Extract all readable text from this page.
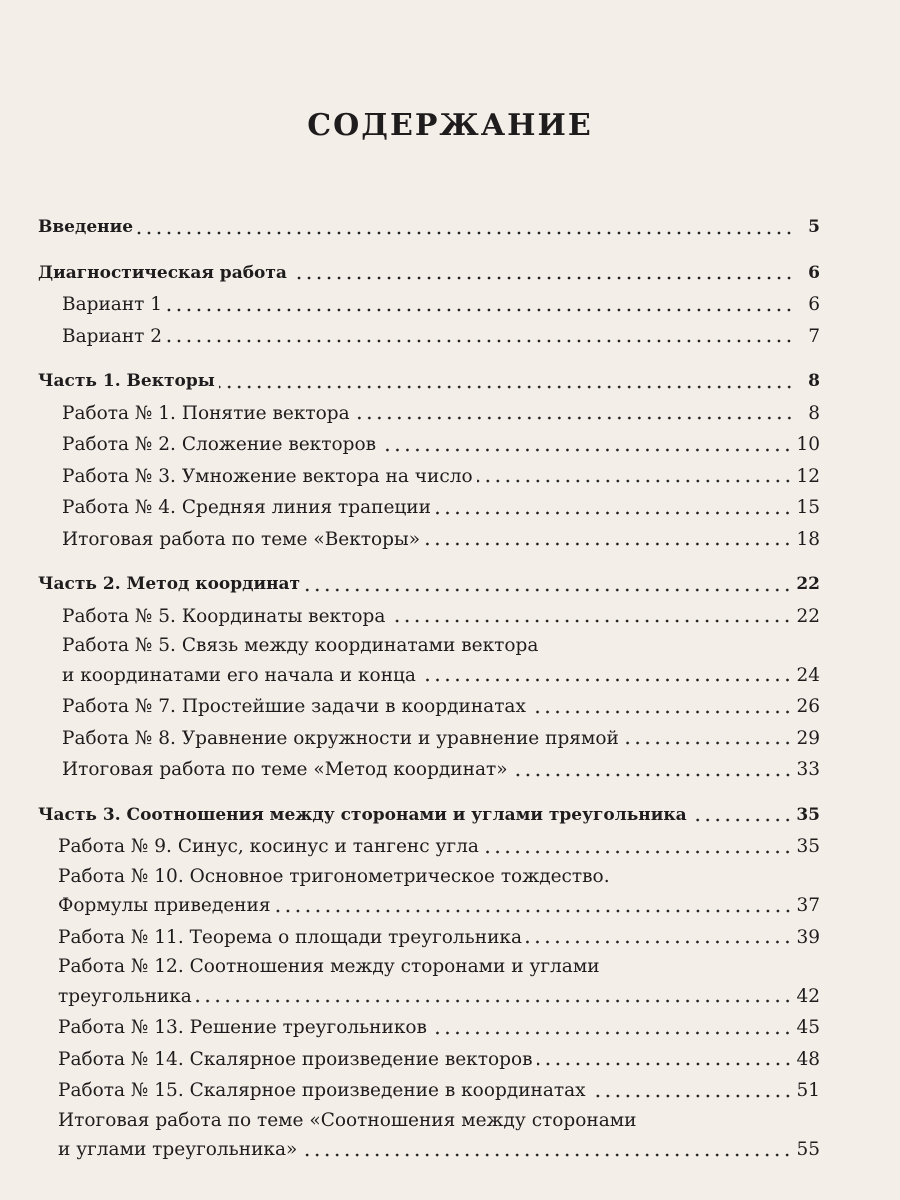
СОДЕРЖАНИЕ
Введение	5
Диагностическая работа	6
Вариант 1	6
Вариант 2	7
Часть 1. Векторы	8
Работа № 1. Понятие вектора	8
Работа № 2. Сложение векторов	10
Работа № 3. Умножение вектора на число	12
Работа № 4. Средняя линия трапеции	15
Итоговая работа по теме «Векторы»	18
Часть 2. Метод координат	22
Работа № 5. Координаты вектора	22
Работа № 5. Связь между координатами вектора
и координатами его начала и конца	24
Работа № 7. Простейшие задачи в координатах	26
Работа № 8. Уравнение окружности и уравнение прямой	29
Итоговая работа по теме «Метод координат»	33
Часть 3. Соотношения между сторонами и углами треугольника	35
Работа № 9. Синус, косинус и тангенс угла	35
Работа № 10. Основное тригонометрическое тождество.
Формулы приведения	37
Работа № 11. Теорема о площади треугольника	39
Работа № 12. Соотношения между сторонами и углами
треугольника	42
Работа № 13. Решение треугольников	45
Работа № 14. Скалярное произведение векторов	48
Работа № 15. Скалярное произведение в координатах	51
Итоговая работа по теме «Соотношения между сторонами
и углами треугольника»	55
